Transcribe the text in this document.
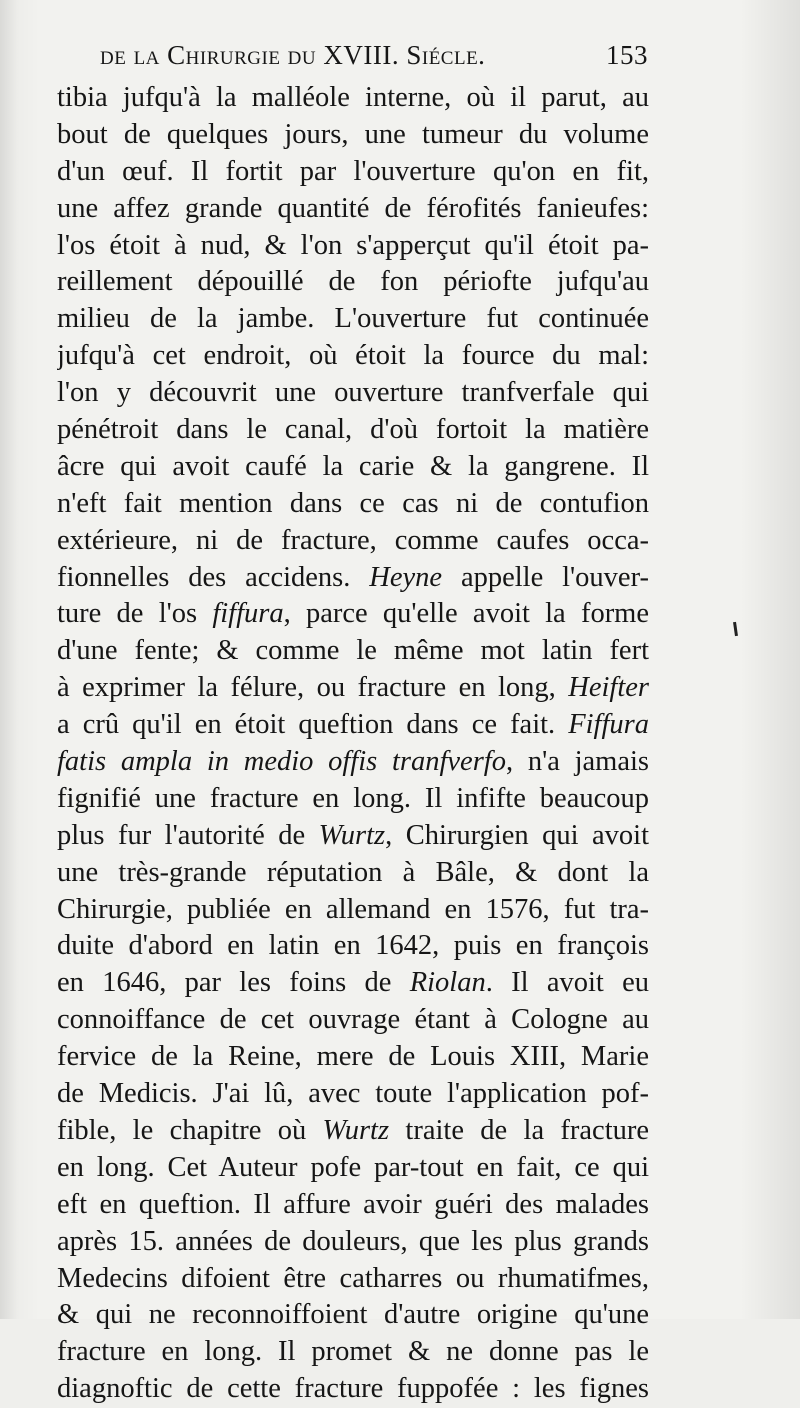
de la Chirurgie du XVIII. Siécle.	153
tibia jufqu'à la malléole interne, où il parut, au
bout de quelques jours, une tumeur du volume
d'un œuf. Il fortit par l'ouverture qu'on en fit,
une affez grande quantité de férofités fanieufes:
l'os étoit à nud, & l'on s'apperçut qu'il étoit pa-
reillement dépouillé de fon périofte jufqu'au
milieu de la jambe. L'ouverture fut continuée
jufqu'à cet endroit, où étoit la fource du mal:
l'on y découvrit une ouverture tranfverfale qui
pénétroit dans le canal, d'où fortoit la matière
âcre qui avoit caufé la carie & la gangrene. Il
n'eft fait mention dans ce cas ni de contufion
extérieure, ni de fracture, comme caufes occa-
fionnelles des accidens. Heyne appelle l'ouver-
ture de l'os fiffura, parce qu'elle avoit la forme
d'une fente; & comme le même mot latin fert
à exprimer la félure, ou fracture en long, Heifter
a crû qu'il en étoit queftion dans ce fait. Fiffura
fatis ampla in medio offis tranfverfo, n'a jamais
fignifié une fracture en long. Il infifte beaucoup
plus fur l'autorité de Wurtz, Chirurgien qui avoit
une très-grande réputation à Bâle, & dont la
Chirurgie, publiée en allemand en 1576, fut tra-
duite d'abord en latin en 1642, puis en françois
en 1646, par les foins de Riolan. Il avoit eu
connoiffance de cet ouvrage étant à Cologne au
fervice de la Reine, mere de Louis XIII, Marie
de Medicis. J'ai lû, avec toute l'application pof-
fible, le chapitre où Wurtz traite de la fracture
en long. Cet Auteur pofe par-tout en fait, ce qui
eft en queftion. Il affure avoir guéri des malades
après 15. années de douleurs, que les plus grands
Medecins difoient être catharres ou rhumatifmes,
& qui ne reconnoiffoient d'autre origine qu'une
fracture en long. Il promet & ne donne pas le
diagnoftic de cette fracture fuppofée : les fignes
